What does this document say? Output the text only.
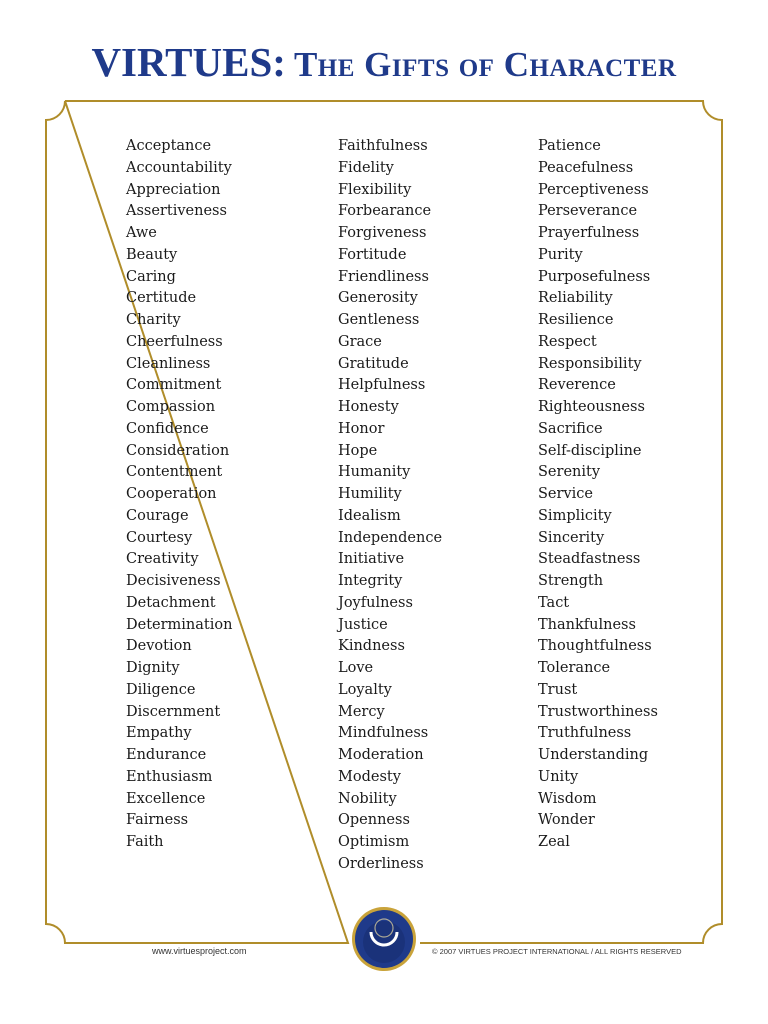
VIRTUES: The Gifts of Character
Acceptance
Accountability
Appreciation
Assertiveness
Awe
Beauty
Caring
Certitude
Charity
Cheerfulness
Cleanliness
Commitment
Compassion
Confidence
Consideration
Contentment
Cooperation
Courage
Courtesy
Creativity
Decisiveness
Detachment
Determination
Devotion
Dignity
Diligence
Discernment
Empathy
Endurance
Enthusiasm
Excellence
Fairness
Faith
Faithfulness
Fidelity
Flexibility
Forbearance
Forgiveness
Fortitude
Friendliness
Generosity
Gentleness
Grace
Gratitude
Helpfulness
Honesty
Honor
Hope
Humanity
Humility
Idealism
Independence
Initiative
Integrity
Joyfulness
Justice
Kindness
Love
Loyalty
Mercy
Mindfulness
Moderation
Modesty
Nobility
Openness
Optimism
Orderliness
Patience
Peacefulness
Perceptiveness
Perseverance
Prayerfulness
Purity
Purposefulness
Reliability
Resilience
Respect
Responsibility
Reverence
Righteousness
Sacrifice
Self-discipline
Serenity
Service
Simplicity
Sincerity
Steadfastness
Strength
Tact
Thankfulness
Thoughtfulness
Tolerance
Trust
Trustworthiness
Truthfulness
Understanding
Unity
Wisdom
Wonder
Zeal
www.virtuesproject.com	© 2007 VIRTUES PROJECT INTERNATIONAL / ALL RIGHTS RESERVED
